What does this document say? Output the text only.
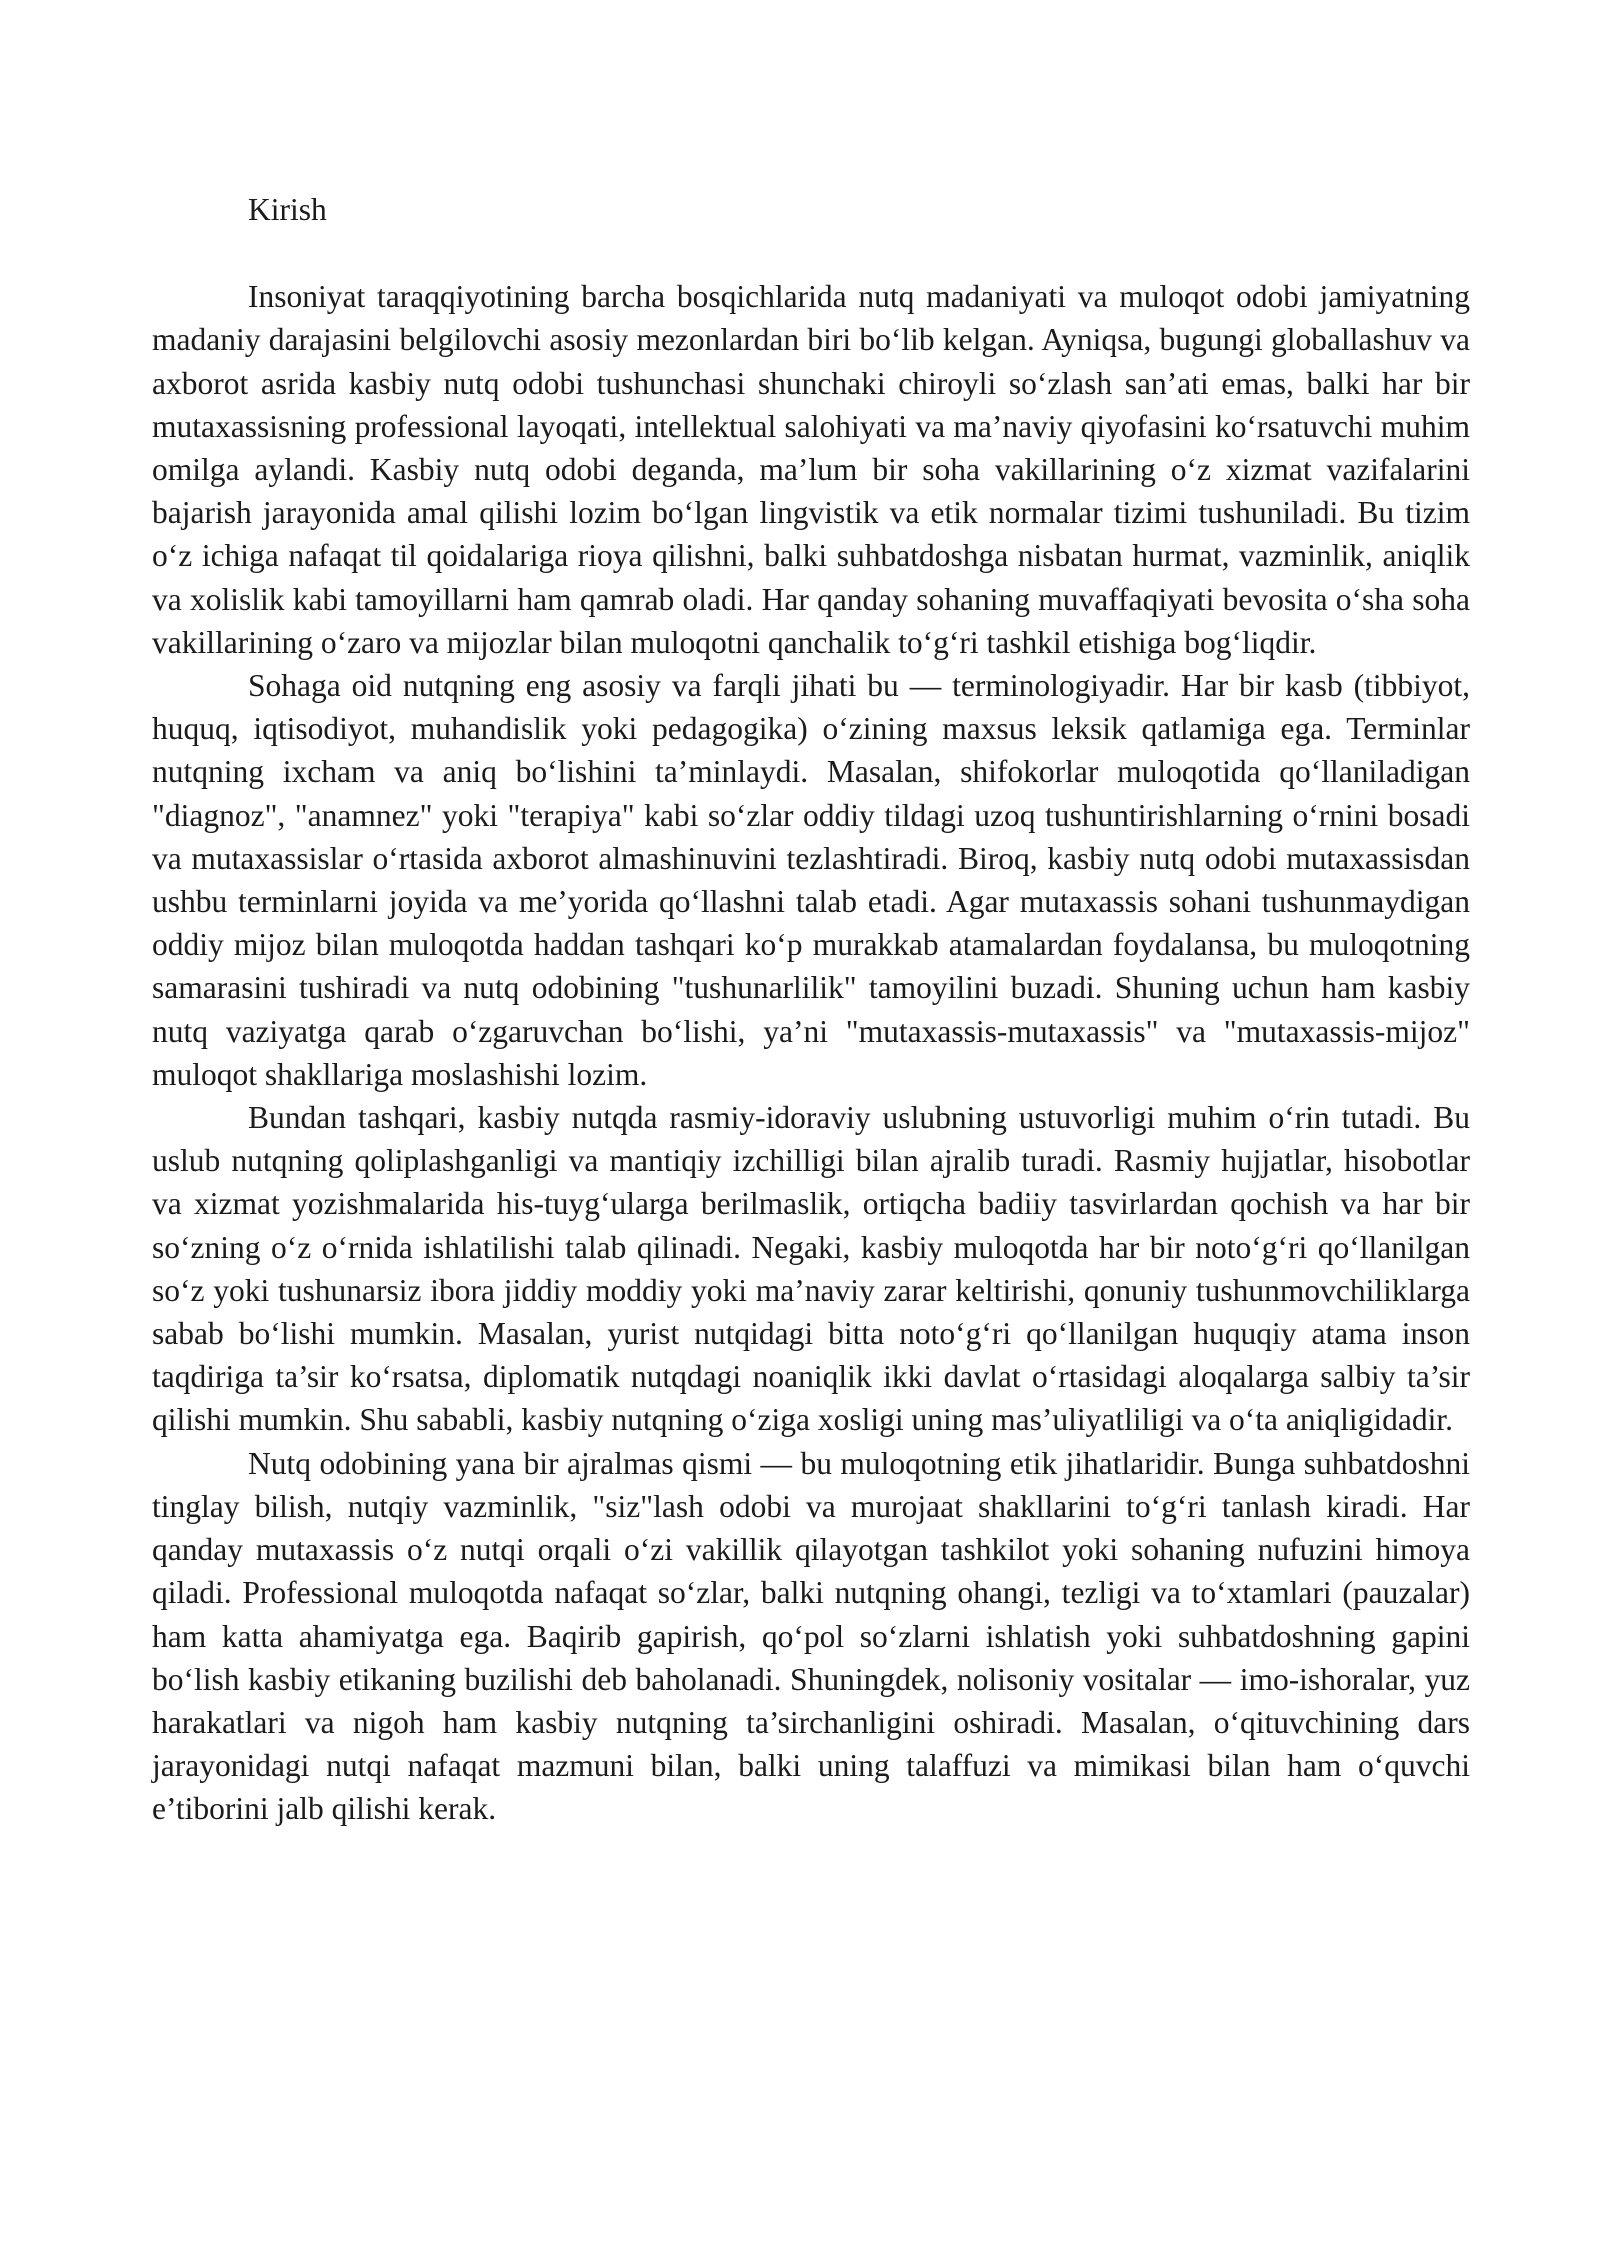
Kirish

Insoniyat taraqqiyotining barcha bosqichlarida nutq madaniyati va muloqot odobi jamiyatning madaniy darajasini belgilovchi asosiy mezonlardan biri bo‘lib kelgan. Ayniqsa, bugungi globallashuv va axborot asrida kasbiy nutq odobi tushunchasi shunchaki chiroyli so‘zlash san’ati emas, balki har bir mutaxassisning professional layoqati, intellektual salohiyati va ma’naviy qiyofasini ko‘rsatuvchi muhim omilga aylandi. Kasbiy nutq odobi deganda, ma’lum bir soha vakillarining o‘z xizmat vazifalarini bajarish jarayonida amal qilishi lozim bo‘lgan lingvistik va etik normalar tizimi tushuniladi. Bu tizim o‘z ichiga nafaqat til qoidalariga rioya qilishni, balki suhbatdoshga nisbatan hurmat, vazminlik, aniqlik va xolislik kabi tamoyillarni ham qamrab oladi. Har qanday sohaning muvaffaqiyati bevosita o‘sha soha vakillarining o‘zaro va mijozlar bilan muloqotni qanchalik to‘g‘ri tashkil etishiga bog‘liqdir.

Sohaga oid nutqning eng asosiy va farqli jihati bu — terminologiyadir. Har bir kasb (tibbiyot, huquq, iqtisodiyot, muhandislik yoki pedagogika) o‘zining maxsus leksik qatlamiga ega. Terminlar nutqning ixcham va aniq bo‘lishini ta’minlaydi. Masalan, shifokorlar muloqotida qo‘llaniladigan "diagnoz", "anamnez" yoki "terapiya" kabi so‘zlar oddiy tildagi uzoq tushuntirishlarning o‘rnini bosadi va mutaxassislar o‘rtasida axborot almashinuvini tezlashtiradi. Biroq, kasbiy nutq odobi mutaxassisdan ushbu terminlarni joyida va me’yorida qo‘llashni talab etadi. Agar mutaxassis sohani tushunmaydigan oddiy mijoz bilan muloqotda haddan tashqari ko‘p murakkab atamalardan foydalansa, bu muloqotning samarasini tushiradi va nutq odobining "tushunarlilik" tamoyilini buzadi. Shuning uchun ham kasbiy nutq vaziyatga qarab o‘zgaruvchan bo‘lishi, ya’ni "mutaxassis-mutaxassis" va "mutaxassis-mijoz" muloqot shakllariga moslashishi lozim.

Bundan tashqari, kasbiy nutqda rasmiy-idoraviy uslubning ustuvorligi muhim o‘rin tutadi. Bu uslub nutqning qoliplashganligi va mantiqiy izchilligi bilan ajralib turadi. Rasmiy hujjatlar, hisobotlar va xizmat yozishmalarida his-tuyg‘ularga berilmaslik, ortiqcha badiiy tasvirlardan qochish va har bir so‘zning o‘z o‘rnida ishlatilishi talab qilinadi. Negaki, kasbiy muloqotda har bir noto‘g‘ri qo‘llanilgan so‘z yoki tushunarsiz ibora jiddiy moddiy yoki ma’naviy zarar keltirishi, qonuniy tushunmovchiliklarga sabab bo‘lishi mumkin. Masalan, yurist nutqidagi bitta noto‘g‘ri qo‘llanilgan huquqiy atama inson taqdiriga ta’sir ko‘rsatsa, diplomatik nutqdagi noaniqlik ikki davlat o‘rtasidagi aloqalarga salbiy ta’sir qilishi mumkin. Shu sababli, kasbiy nutqning o‘ziga xosligi uning mas’uliyatliligi va o‘ta aniqligidadir.

Nutq odobining yana bir ajralmas qismi — bu muloqotning etik jihatlaridir. Bunga suhbatdoshni tinglay bilish, nutqiy vazminlik, "siz"lash odobi va murojaat shakllarini to‘g‘ri tanlash kiradi. Har qanday mutaxassis o‘z nutqi orqali o‘zi vakillik qilayotgan tashkilot yoki sohaning nufuzini himoya qiladi. Professional muloqotda nafaqat so‘zlar, balki nutqning ohangi, tezligi va to‘xtamlari (pauzalar) ham katta ahamiyatga ega. Baqirib gapirish, qo‘pol so‘zlarni ishlatish yoki suhbatdoshning gapini bo‘lish kasbiy etikaning buzilishi deb baholanadi. Shuningdek, nolisoniy vositalar — imo-ishoralar, yuz harakatlari va nigoh ham kasbiy nutqning ta’sirchanligini oshiradi. Masalan, o‘qituvchining dars jarayonidagi nutqi nafaqat mazmuni bilan, balki uning talaffuzi va mimikasi bilan ham o‘quvchi e’tiborini jalb qilishi kerak.
